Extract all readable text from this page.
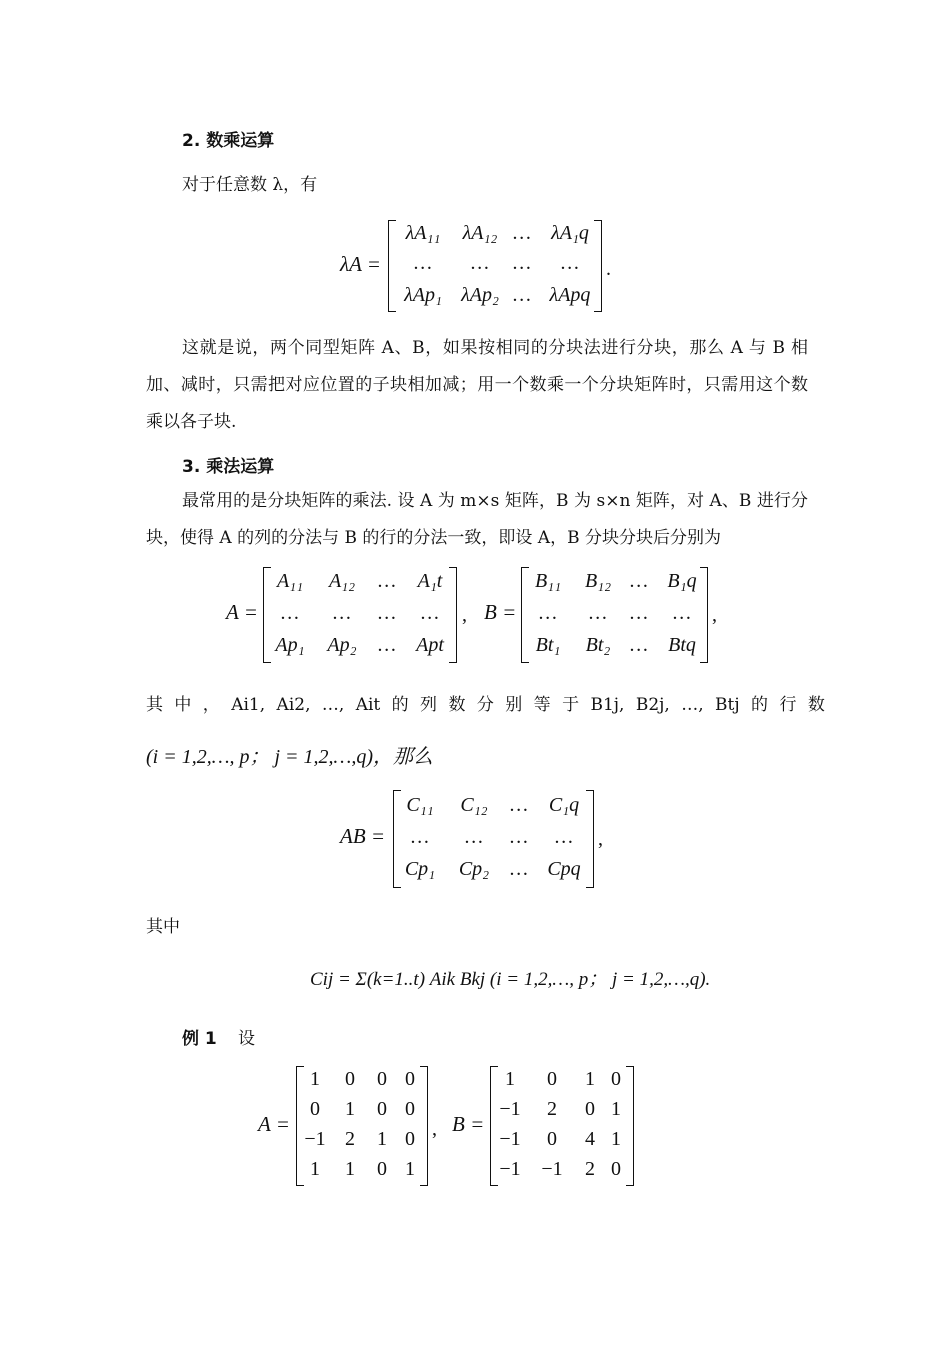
2. 数乘运算
对于任意数 λ，有
λA =
λA₁₁	λA₁₂ …	λA₁q
…	…	…	…
λAp₁ λAp₂ … λApq
.
这就是说，两个同型矩阵 A、B，如果按相同的分块法进行分块，那么 A 与 B 相加、减时，只需把对应位置的子块相加减；用一个数乘一个分块矩阵时，只需用这个数乘以各子块.
3. 乘法运算
最常用的是分块矩阵的乘法. 设 A 为 m×s 矩阵，B 为 s×n 矩阵，对 A、B 进行分块，使得 A 的列的分法与 B 的行的分法一致，即设 A，B 分块分块后分别为
A =
A₁₁	A₁₂	…	A₁t
…	…	…	…
Ap₁ Ap₂	…	Apt
, B =
B₁₁	B₁₂ … B₁q
…	…	…	…
Bt₁	Bt₂ …	Btq
,
其 中 ， Ai1, Ai2, …, Ait 的 列 数 分 别 等 于 B1j, B2j, …, Btj 的 行 数
(i = 1,2,…, p； j = 1,2,…,q)，那么
AB =
C₁₁	C₁₂	…	C₁q
…	…	…	…
Cp₁ Cp₂	… Cpq
,
其中
Cij = Σ(k=1..t) Aik Bkj (i = 1,2,…, p； j = 1,2,…,q).
例 1 设
A =
1	0	0 0
0	1	0 0
−1 2	1 0
1	1	0 1
, B =
1	0	1 0
−1	2	0 1
−1	0	4 1
−1 −1	2 0
